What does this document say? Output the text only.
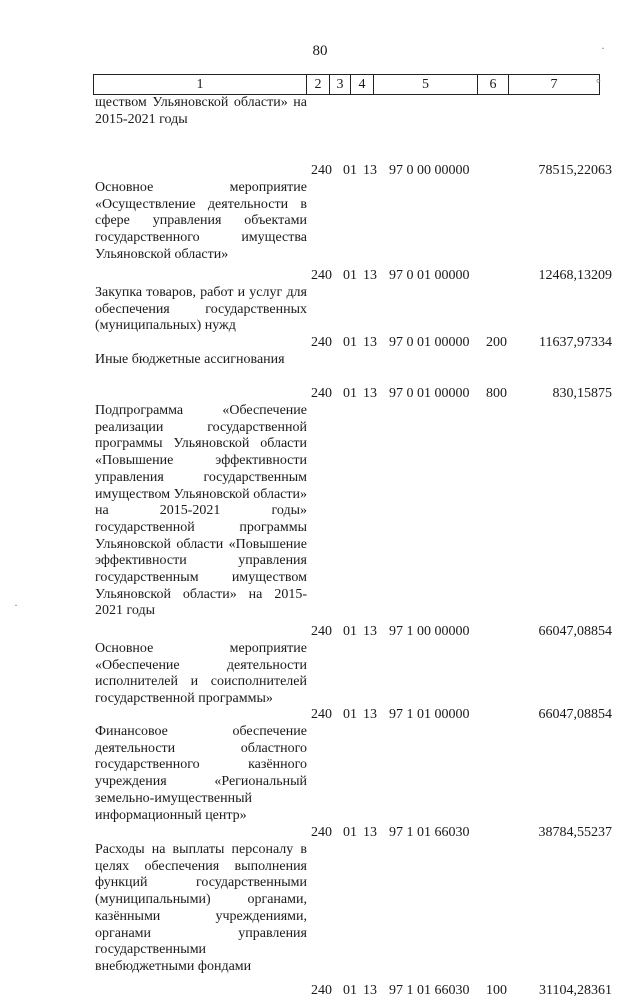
80
1	2	3	4	5	6	7
ществом Ульяновской области» на 2015-2021 годы
Основное мероприятие «Осуществление деятельности в сфере управления объектами государственного имущества Ульяновской области»
240 01 13 97 0 00 00000	78515,22063
Закупка товаров, работ и услуг для обеспечения государственных (муниципальных) нужд
240 01 13 97 0 01 00000	12468,13209
Иные бюджетные ассигнования
240 01 13 97 0 01 00000 200 11637,97334
Подпрограмма «Обеспечение реализации государственной программы Ульяновской области «Повышение эффективности управления государственным имуществом Ульяновской области» на 2015-2021 годы» государственной программы Ульяновской области «Повышение эффективности управления государственным имуществом Ульяновской области» на 2015-2021 годы
240 01 13 97 0 01 00000 800	830,15875
Основное мероприятие «Обеспечение деятельности исполнителей и соисполнителей государственной программы»
240 01 13 97 1 00 00000	66047,08854
Финансовое обеспечение деятельности областного государственного казённого учреждения «Региональный земельно-имущественный информационный центр»
240 01 13 97 1 01 00000	66047,08854
Расходы на выплаты персоналу в целях обеспечения выполнения функций государственными (муниципальными) органами, казёнными учреждениями, органами управления государственными внебюджетными фондами
240 01 13 97 1 01 66030	38784,55237
240 01 13 97 1 01 66030 100 31104,28361
·
°
·
